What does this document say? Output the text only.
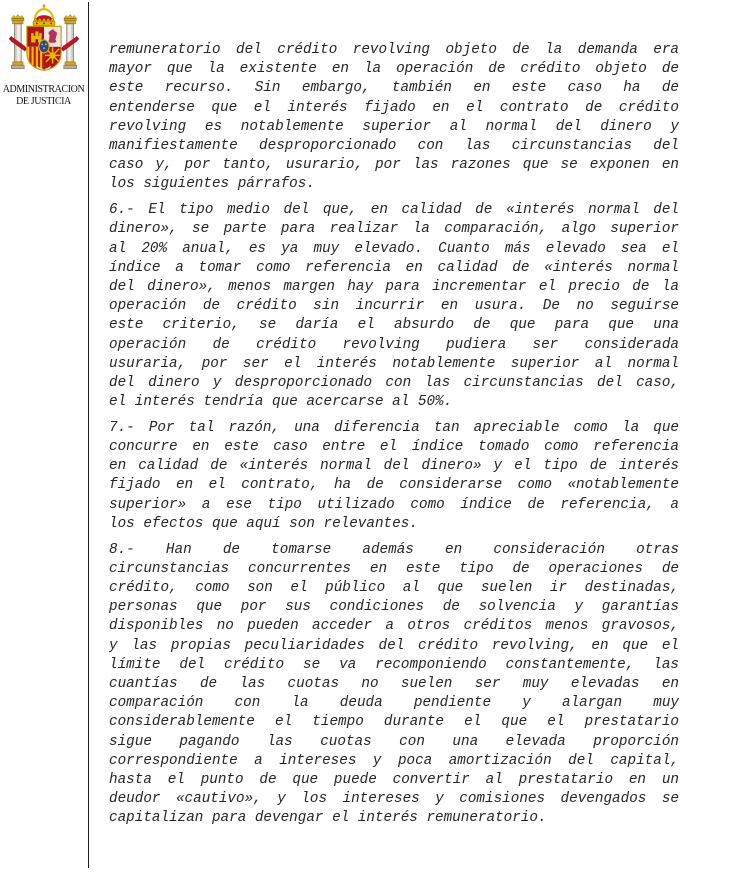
ADMINISTRACION
DE JUSTICIA
remuneratorio del crédito revolving objeto de la demanda era
mayor que la existente en la operación de crédito objeto de
este recurso. Sin embargo, también en este caso ha de
entenderse que el interés fijado en el contrato de crédito
revolving es notablemente superior al normal del dinero y
manifiestamente desproporcionado con las circunstancias del
caso y, por tanto, usurario, por las razones que se exponen en
los siguientes párrafos.
6.- El tipo medio del que, en calidad de «interés normal del
dinero», se parte para realizar la comparación, algo superior
al 20% anual, es ya muy elevado. Cuanto más elevado sea el
índice a tomar como referencia en calidad de «interés normal
del dinero», menos margen hay para incrementar el precio de la
operación de crédito sin incurrir en usura. De no seguirse
este criterio, se daría el absurdo de que para que una
operación de crédito revolving pudiera ser considerada
usuraria, por ser el interés notablemente superior al normal
del dinero y desproporcionado con las circunstancias del caso,
el interés tendría que acercarse al 50%.
7.- Por tal razón, una diferencia tan apreciable como la que
concurre en este caso entre el índice tomado como referencia
en calidad de «interés normal del dinero» y el tipo de interés
fijado en el contrato, ha de considerarse como «notablemente
superior» a ese tipo utilizado como índice de referencia, a
los efectos que aquí son relevantes.
8.- Han de tomarse además en consideración otras
circunstancias concurrentes en este tipo de operaciones de
crédito, como son el público al que suelen ir destinadas,
personas que por sus condiciones de solvencia y garantías
disponibles no pueden acceder a otros créditos menos gravosos,
y las propias peculiaridades del crédito revolving, en que el
límite del crédito se va recomponiendo constantemente, las
cuantías de las cuotas no suelen ser muy elevadas en
comparación con la deuda pendiente y alargan muy
considerablemente el tiempo durante el que el prestatario
sigue pagando las cuotas con una elevada proporción
correspondiente a intereses y poca amortización del capital,
hasta el punto de que puede convertir al prestatario en un
deudor «cautivo», y los intereses y comisiones devengados se
capitalizan para devengar el interés remuneratorio.
